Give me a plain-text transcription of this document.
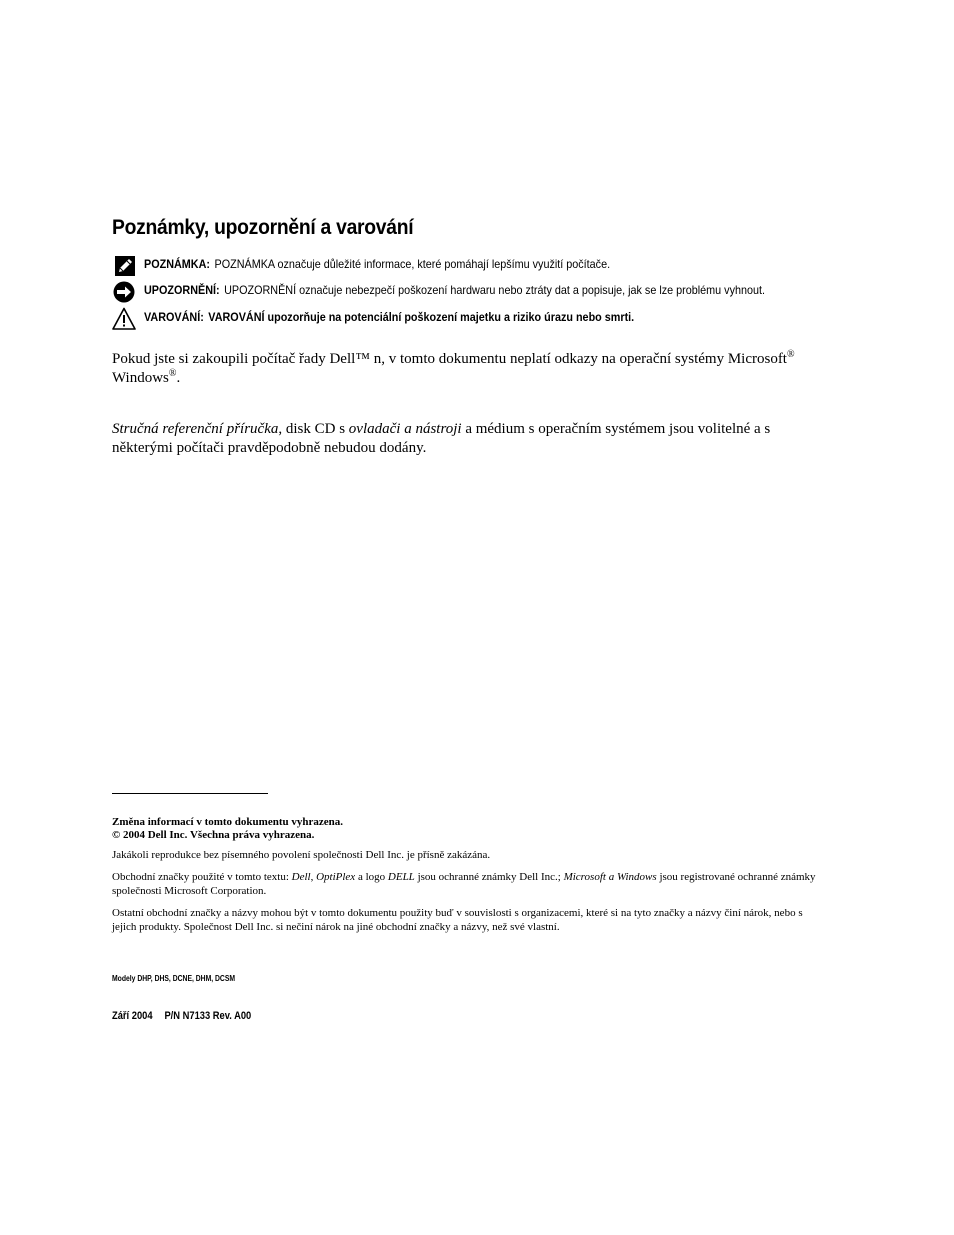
Poznámky, upozornění a varování
POZNÁMKA: POZNÁMKA označuje důležité informace, které pomáhají lepšímu využití počítače.
UPOZORNĚNÍ: UPOZORNĚNÍ označuje nebezpečí poškození hardwaru nebo ztráty dat a popisuje, jak se lze problému vyhnout.
VAROVÁNÍ: VAROVÁNÍ upozorňuje na potenciální poškození majetku a riziko úrazu nebo smrti.
Pokud jste si zakoupili počítač řady Dell™ n, v tomto dokumentu neplatí odkazy na operační systémy Microsoft® Windows®.
Stručná referenční příručka, disk CD s ovladači a nástroji a médium s operačním systémem jsou volitelné a s některými počítači pravděpodobně nebudou dodány.
Změna informací v tomto dokumentu vyhrazena.
© 2004 Dell Inc. Všechna práva vyhrazena.
Jakákoli reprodukce bez písemného povolení společnosti Dell Inc. je přísně zakázána.
Obchodní značky použité v tomto textu: Dell, OptiPlex a logo DELL jsou ochranné známky Dell Inc.; Microsoft a Windows jsou registrované ochranné známky společnosti Microsoft Corporation.
Ostatní obchodní značky a názvy mohou být v tomto dokumentu použity buď v souvislosti s organizacemi, které si na tyto značky a názvy činí nárok, nebo s jejich produkty. Společnost Dell Inc. si nečiní nárok na jiné obchodní značky a názvy, než své vlastní.
Modely DHP, DHS, DCNE, DHM, DCSM
Září 2004 P/N N7133 Rev. A00
